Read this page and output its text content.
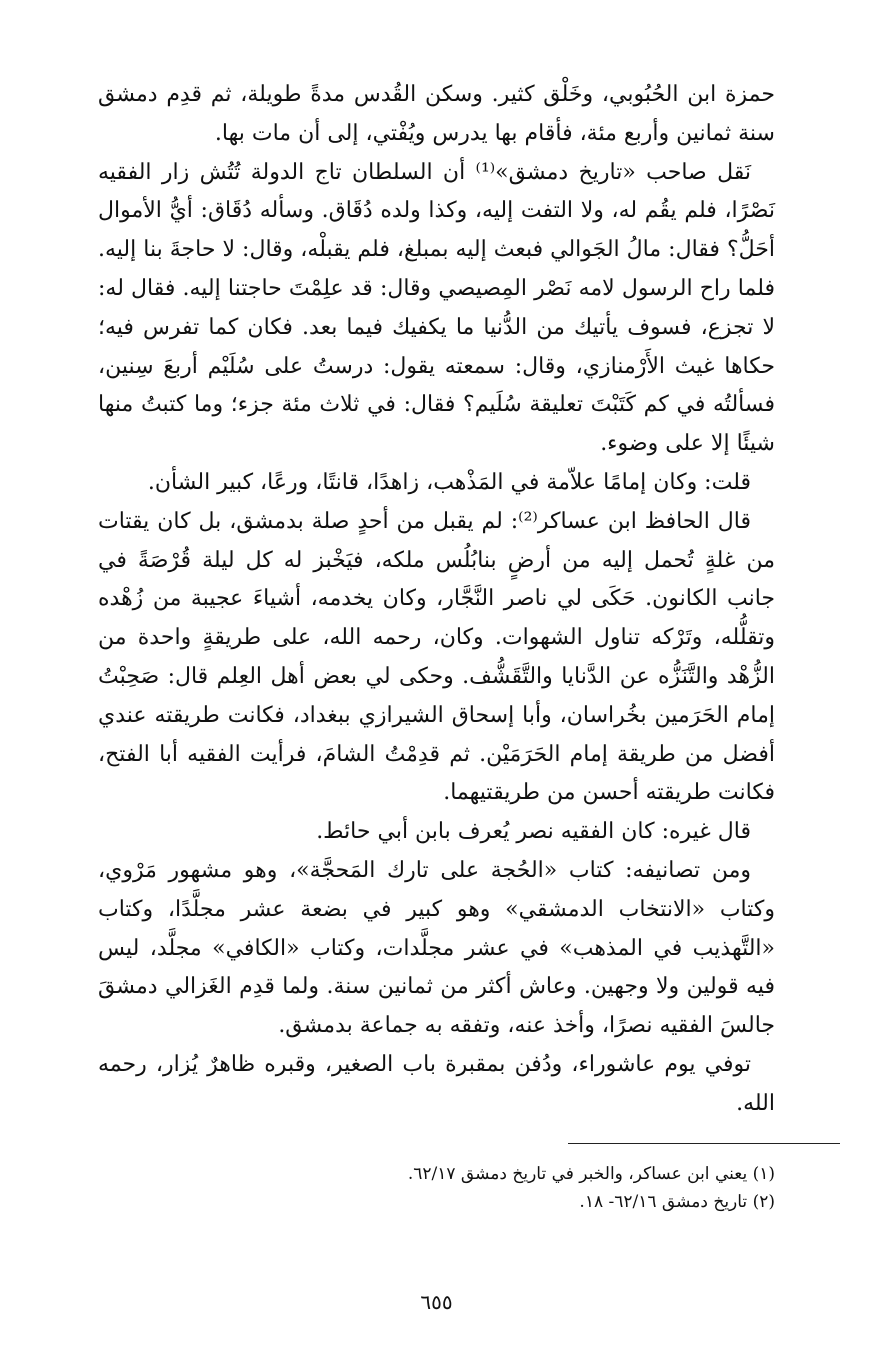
حمزة ابن الحُبُوبي، وخَلْق كثير. وسكن القُدس مدةً طويلة، ثم قدِم دمشق سنة ثمانين وأربع مئة، فأقام بها يدرس ويُفْتي، إلى أن مات بها.

نَقل صاحب «تاريخ دمشق»⁽¹⁾ أن السلطان تاج الدولة تُتُش زار الفقيه نَصْرًا، فلم يقُم له، ولا التفت إليه، وكذا ولده دُقَاق. وسأله دُقَاق: أيُّ الأموال أحَلُّ؟ فقال: مالُ الجَوالي فبعث إليه بمبلغ، فلم يقبلْه، وقال: لا حاجةَ بنا إليه. فلما راح الرسول لامه نَصْر المِصيصي وقال: قد علِمْتَ حاجتنا إليه. فقال له: لا تجزع، فسوف يأتيك من الدُّنيا ما يكفيك فيما بعد. فكان كما تفرس فيه؛ حكاها غيث الأَرْمنازي، وقال: سمعته يقول: درستُ على سُلَيْم أربعَ سِنين، فسألتُه في كم كَتَبْتَ تعليقة سُلَيم؟ فقال: في ثلاث مئة جزء؛ وما كتبتُ منها شيئًا إلا على وضوء.

قلت: وكان إمامًا علاّمة في المَذْهب، زاهدًا، قانتًا، ورعًا، كبير الشأن.

قال الحافظ ابن عساكر⁽²⁾: لم يقبل من أحدٍ صلة بدمشق، بل كان يقتات من غلةٍ تُحمل إليه من أرضٍ بنابُلُس ملكه، فيَخْبز له كل ليلة قُرْصَةً في جانب الكانون. حَكَى لي ناصر النَّجَّار، وكان يخدمه، أشياءَ عجيبة من زُهْده وتقلُّله، وتَرْكه تناول الشهوات. وكان، رحمه الله، على طريقةٍ واحدة من الزُّهْد والتَّنَزُّه عن الدَّنايا والتَّقَشُّف. وحكى لي بعض أهل العِلم قال: صَحِبْتُ إمام الحَرَمين بخُراسان، وأبا إسحاق الشيرازي ببغداد، فكانت طريقته عندي أفضل من طريقة إمام الحَرَمَيْن. ثم قدِمْتُ الشامَ، فرأيت الفقيه أبا الفتح، فكانت طريقته أحسن من طريقتيهما.

قال غيره: كان الفقيه نصر يُعرف بابن أبي حائط.

ومن تصانيفه: كتاب «الحُجة على تارك المَحجَّة»، وهو مشهور مَرْوي، وكتاب «الانتخاب الدمشقي» وهو كبير في بضعة عشر مجلَّدًا، وكتاب «التَّهذيب في المذهب» في عشر مجلَّدات، وكتاب «الكافي» مجلَّد، ليس فيه قولين ولا وجهين. وعاش أكثر من ثمانين سنة. ولما قدِم الغَزالي دمشقَ جالسَ الفقيه نصرًا، وأخذ عنه، وتفقه به جماعة بدمشق.

توفي يوم عاشوراء، ودُفن بمقبرة باب الصغير، وقبره ظاهرٌ يُزار، رحمه الله.

(١) يعني ابن عساكر، والخبر في تاريخ دمشق ٦٢/١٧.

(٢) تاريخ دمشق ٦٢/١٦- ١٨.

٦٥٥
